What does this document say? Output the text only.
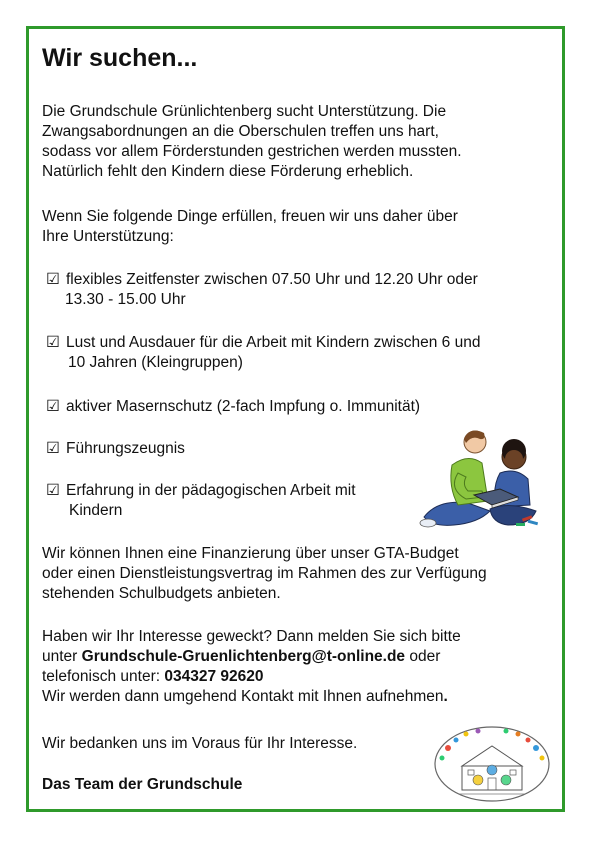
Wir suchen...
Die Grundschule Grünlichtenberg sucht Unterstützung. Die
Zwangsabordnungen an die Oberschulen treffen uns hart,
sodass vor allem Förderstunden gestrichen werden mussten.
Natürlich fehlt den Kindern diese Förderung erheblich.
Wenn Sie folgende Dinge erfüllen, freuen wir uns daher über
Ihre Unterstützung:
☑ flexibles Zeitfenster zwischen 07.50 Uhr und 12.20 Uhr oder
13.30 - 15.00 Uhr
☑ Lust und Ausdauer für die Arbeit mit Kindern zwischen 6 und
10 Jahren (Kleingruppen)
☑ aktiver Masernschutz (2-fach Impfung o. Immunität)
☑ Führungszeugnis
☑ Erfahrung in der pädagogischen Arbeit mit
Kindern
Wir können Ihnen eine Finanzierung über unser GTA-Budget
oder einen Dienstleistungsvertrag im Rahmen des zur Verfügung
stehenden Schulbudgets anbieten.
Haben wir Ihr Interesse geweckt? Dann melden Sie sich bitte
unter Grundschule-Gruenlichtenberg@t-online.de oder
telefonisch unter: 034327 92620
Wir werden dann umgehend Kontakt mit Ihnen aufnehmen.
Wir bedanken uns im Voraus für Ihr Interesse.
Das Team der Grundschule
